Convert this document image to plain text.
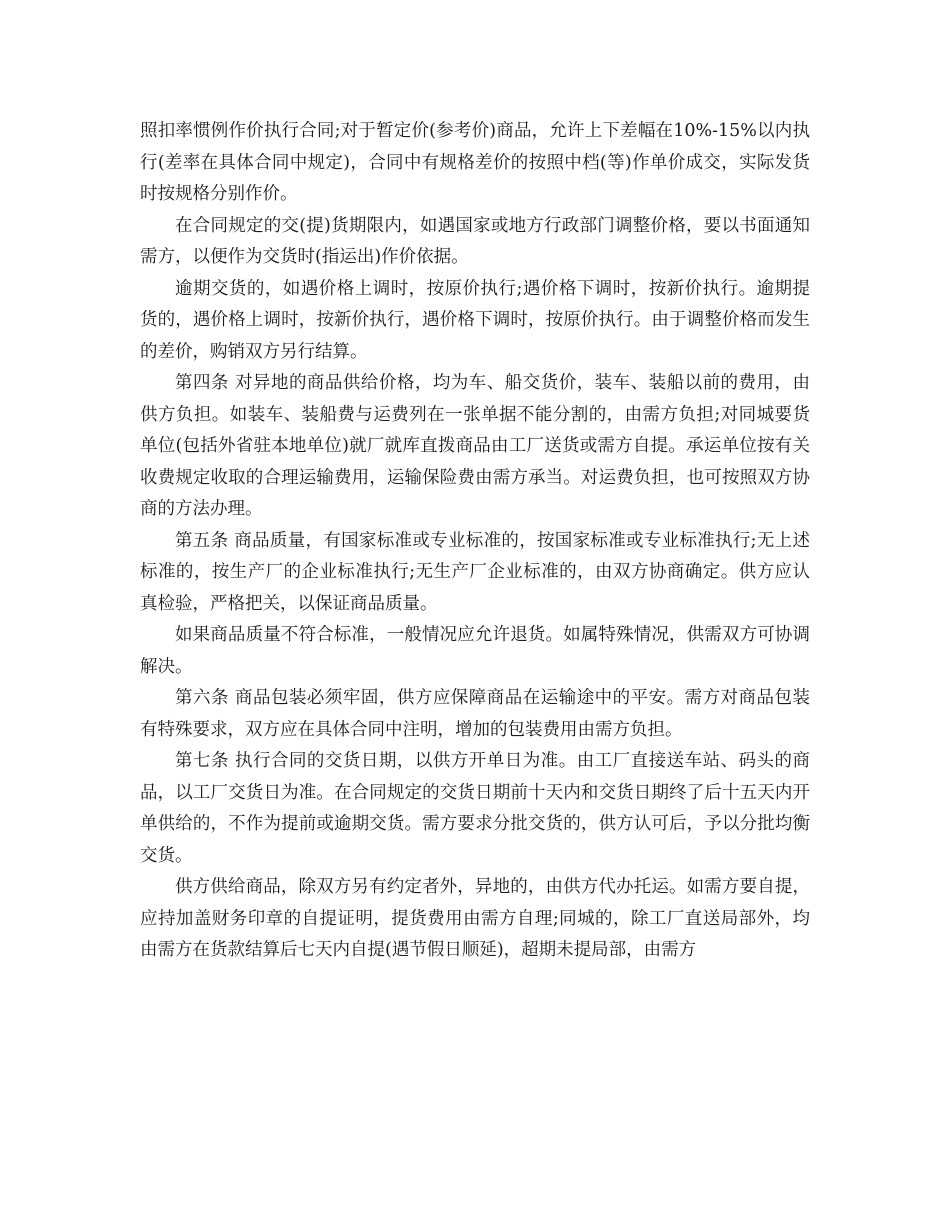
照扣率惯例作价执行合同;对于暂定价(参考价)商品，允许上下差幅在10%-15%以内执行(差率在具体合同中规定)，合同中有规格差价的按照中档(等)作单价成交，实际发货时按规格分别作价。

在合同规定的交(提)货期限内，如遇国家或地方行政部门调整价格，要以书面通知需方，以便作为交货时(指运出)作价依据。

逾期交货的，如遇价格上调时，按原价执行;遇价格下调时，按新价执行。逾期提货的，遇价格上调时，按新价执行，遇价格下调时，按原价执行。由于调整价格而发生的差价，购销双方另行结算。

第四条 对异地的商品供给价格，均为车、船交货价，装车、装船以前的费用，由供方负担。如装车、装船费与运费列在一张单据不能分割的，由需方负担;对同城要货单位(包括外省驻本地单位)就厂就库直拨商品由工厂送货或需方自提。承运单位按有关收费规定收取的合理运输费用，运输保险费由需方承当。对运费负担，也可按照双方协商的方法办理。

第五条 商品质量，有国家标准或专业标准的，按国家标准或专业标准执行;无上述标准的，按生产厂的企业标准执行;无生产厂企业标准的，由双方协商确定。供方应认真检验，严格把关，以保证商品质量。

如果商品质量不符合标准，一般情况应允许退货。如属特殊情况，供需双方可协调解决。

第六条 商品包装必须牢固，供方应保障商品在运输途中的平安。需方对商品包装有特殊要求，双方应在具体合同中注明，增加的包装费用由需方负担。

第七条 执行合同的交货日期，以供方开单日为准。由工厂直接送车站、码头的商品，以工厂交货日为准。在合同规定的交货日期前十天内和交货日期终了后十五天内开单供给的，不作为提前或逾期交货。需方要求分批交货的，供方认可后，予以分批均衡交货。

供方供给商品，除双方另有约定者外，异地的，由供方代办托运。如需方要自提，应持加盖财务印章的自提证明，提货费用由需方自理;同城的，除工厂直送局部外，均由需方在货款结算后七天内自提(遇节假日顺延)，超期未提局部，由需方
